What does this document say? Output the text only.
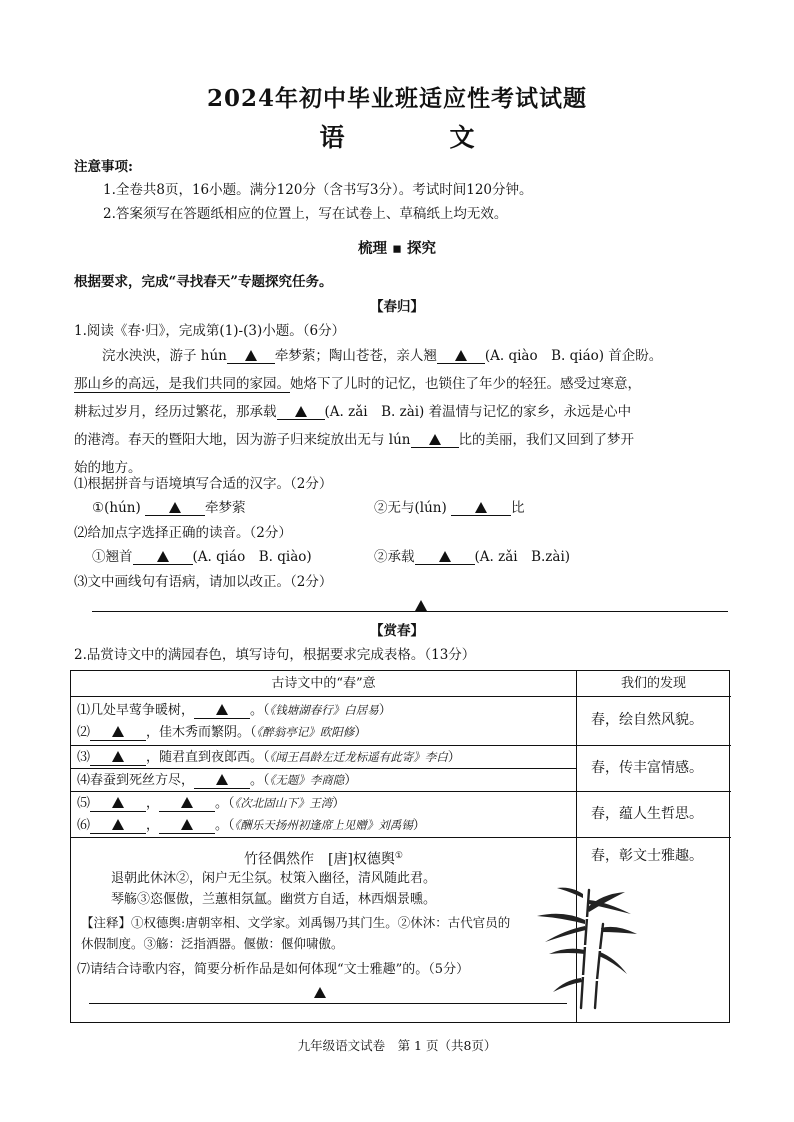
2024年初中毕业班适应性考试试题
语　文
注意事项:
1.全卷共8页，16小题。满分120分（含书写3分）。考试时间120分钟。
2.答案须写在答题纸相应的位置上，写在试卷上、草稿纸上均无效。
梳理 ▪ 探究
根据要求，完成“寻找春天”专题探究任务。
【春归】
1.阅读《春·归》，完成第(1)-(3)小题。（6分）
浣水泱泱，游子 hún	牵梦萦；陶山苍苍，亲人翘	(A. qiào　B. qiáo) 首企盼。
那山乡的高远，是我们共同的家园。她烙下了儿时的记忆，也锁住了年少的轻狂。感受过寒意，
耕耘过岁月，经历过繁花，那承载	(A. zǎi　B. zài) 着温情与记忆的家乡，永远是心中
的港湾。春天的暨阳大地，因为游子归来绽放出无与 lún	比的美丽，我们又回到了梦开
始的地方。
⑴根据拼音与语境填写合适的汉字。（2分）
①(hún)	牵梦萦	②无与(lún)	比
⑵给加点字选择正确的读音。（2分）
①翘首	(A. qiáo　B. qiào)	②承载	(A. zǎi　B.zài)
⑶文中画线句有语病，请加以改正。（2分）
【赏春】
2.品赏诗文中的满园春色，填写诗句，根据要求完成表格。（13分）
古诗文中的“春”意	我们的发现
⑴几处早莺争暖树，	。（《钱塘湖春行》白居易）
⑵	，佳木秀而繁阴。（《醉翁亭记》欧阳修）
春，绘自然风貌。
⑶	，随君直到夜郎西。（《闻王昌龄左迁龙标遥有此寄》李白）
⑷春蚕到死丝方尽，	。（《无题》李商隐）
春，传丰富情感。
⑸	，	。（《次北固山下》王湾）
⑹	，	。（《酬乐天扬州初逢席上见赠》刘禹锡）
春，蕴人生哲思。
竹径偶然作　[唐]权德舆①
退朝此休沐②，闲户无尘氛。杖策入幽径，清风随此君。
琴觞③恣偃傲，兰蕙相氛氲。幽赏方自适，林西烟景曛。
【注释】①权德舆:唐朝宰相、文学家。刘禹锡乃其门生。②休沐：古代官员的
休假制度。③觞：泛指酒器。偃傲：偃仰啸傲。
⑺请结合诗歌内容，简要分析作品是如何体现“文士雅趣”的。（5分）
春，彰文士雅趣。
九年级语文试卷　第 1 页（共8页）
